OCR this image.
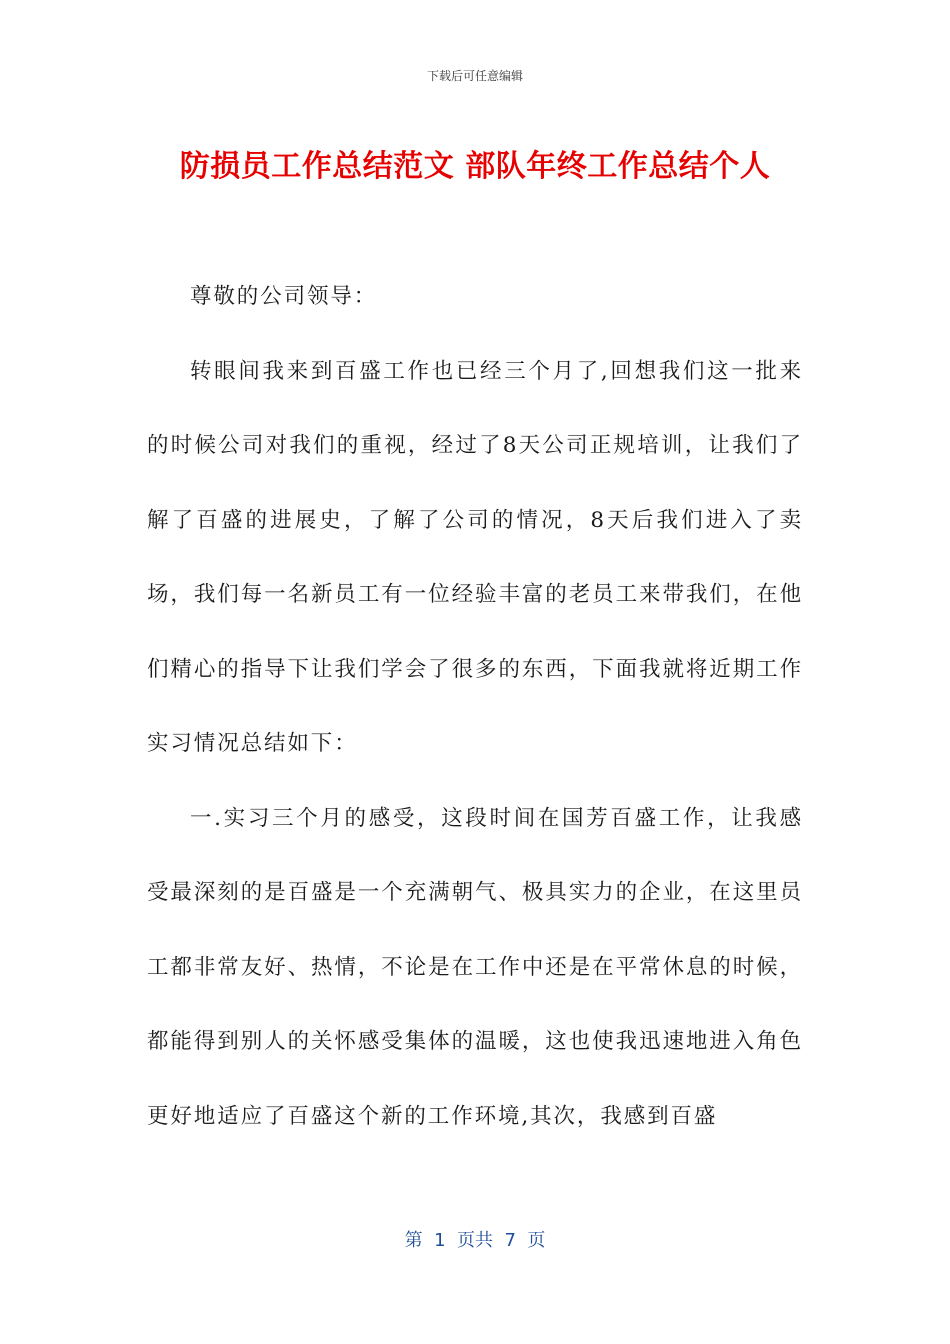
下载后可任意编辑
防损员工作总结范文 部队年终工作总结个人

尊敬的公司领导：

转眼间我来到百盛工作也已经三个月了,回想我们这一批来的时候公司对我们的重视，经过了8天公司正规培训，让我们了解了百盛的进展史，了解了公司的情况，8天后我们进入了卖场，我们每一名新员工有一位经验丰富的老员工来带我们，在他们精心的指导下让我们学会了很多的东西，下面我就将近期工作实习情况总结如下：

一.实习三个月的感受，这段时间在国芳百盛工作，让我感受最深刻的是百盛是一个充满朝气、极具实力的企业，在这里员工都非常友好、热情，不论是在工作中还是在平常休息的时候，都能得到别人的关怀感受集体的温暖，这也使我迅速地进入角色更好地适应了百盛这个新的工作环境,其次，我感到百盛

第  1  页共  7  页
